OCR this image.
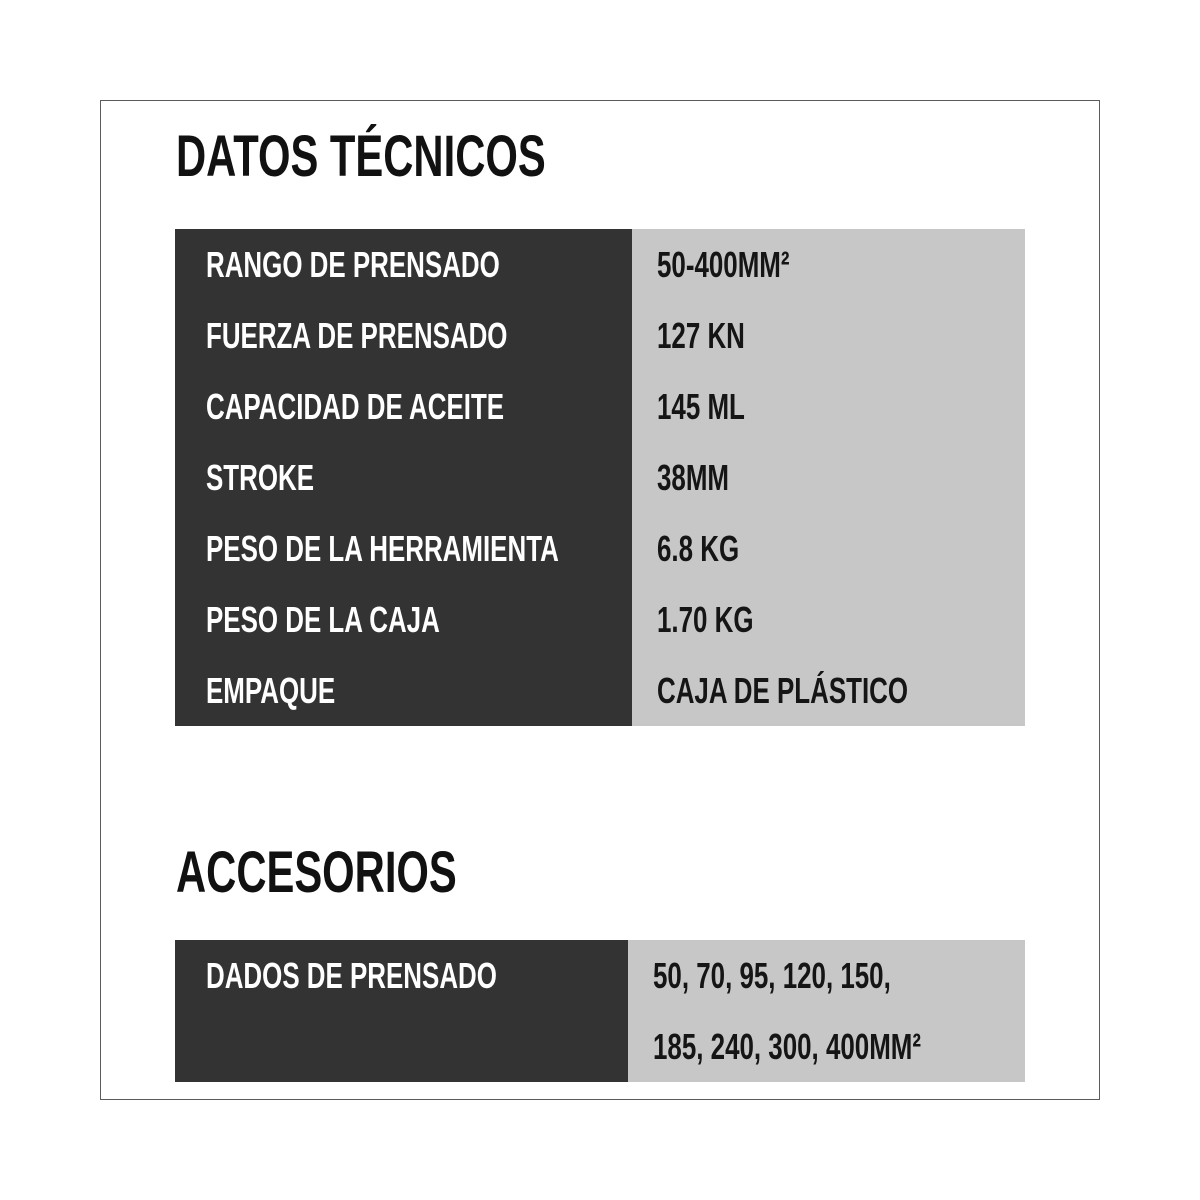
DATOS TÉCNICOS
RANGO DE PRENSADO
FUERZA DE PRENSADO
CAPACIDAD DE ACEITE
STROKE
PESO DE LA HERRAMIENTA
PESO DE LA CAJA
EMPAQUE
50-400MM²
127 KN
145 ML
38MM
6.8 KG
1.70 KG
CAJA DE PLÁSTICO
ACCESORIOS
DADOS DE PRENSADO	50, 70, 95, 120, 150,
185, 240, 300, 400MM²
